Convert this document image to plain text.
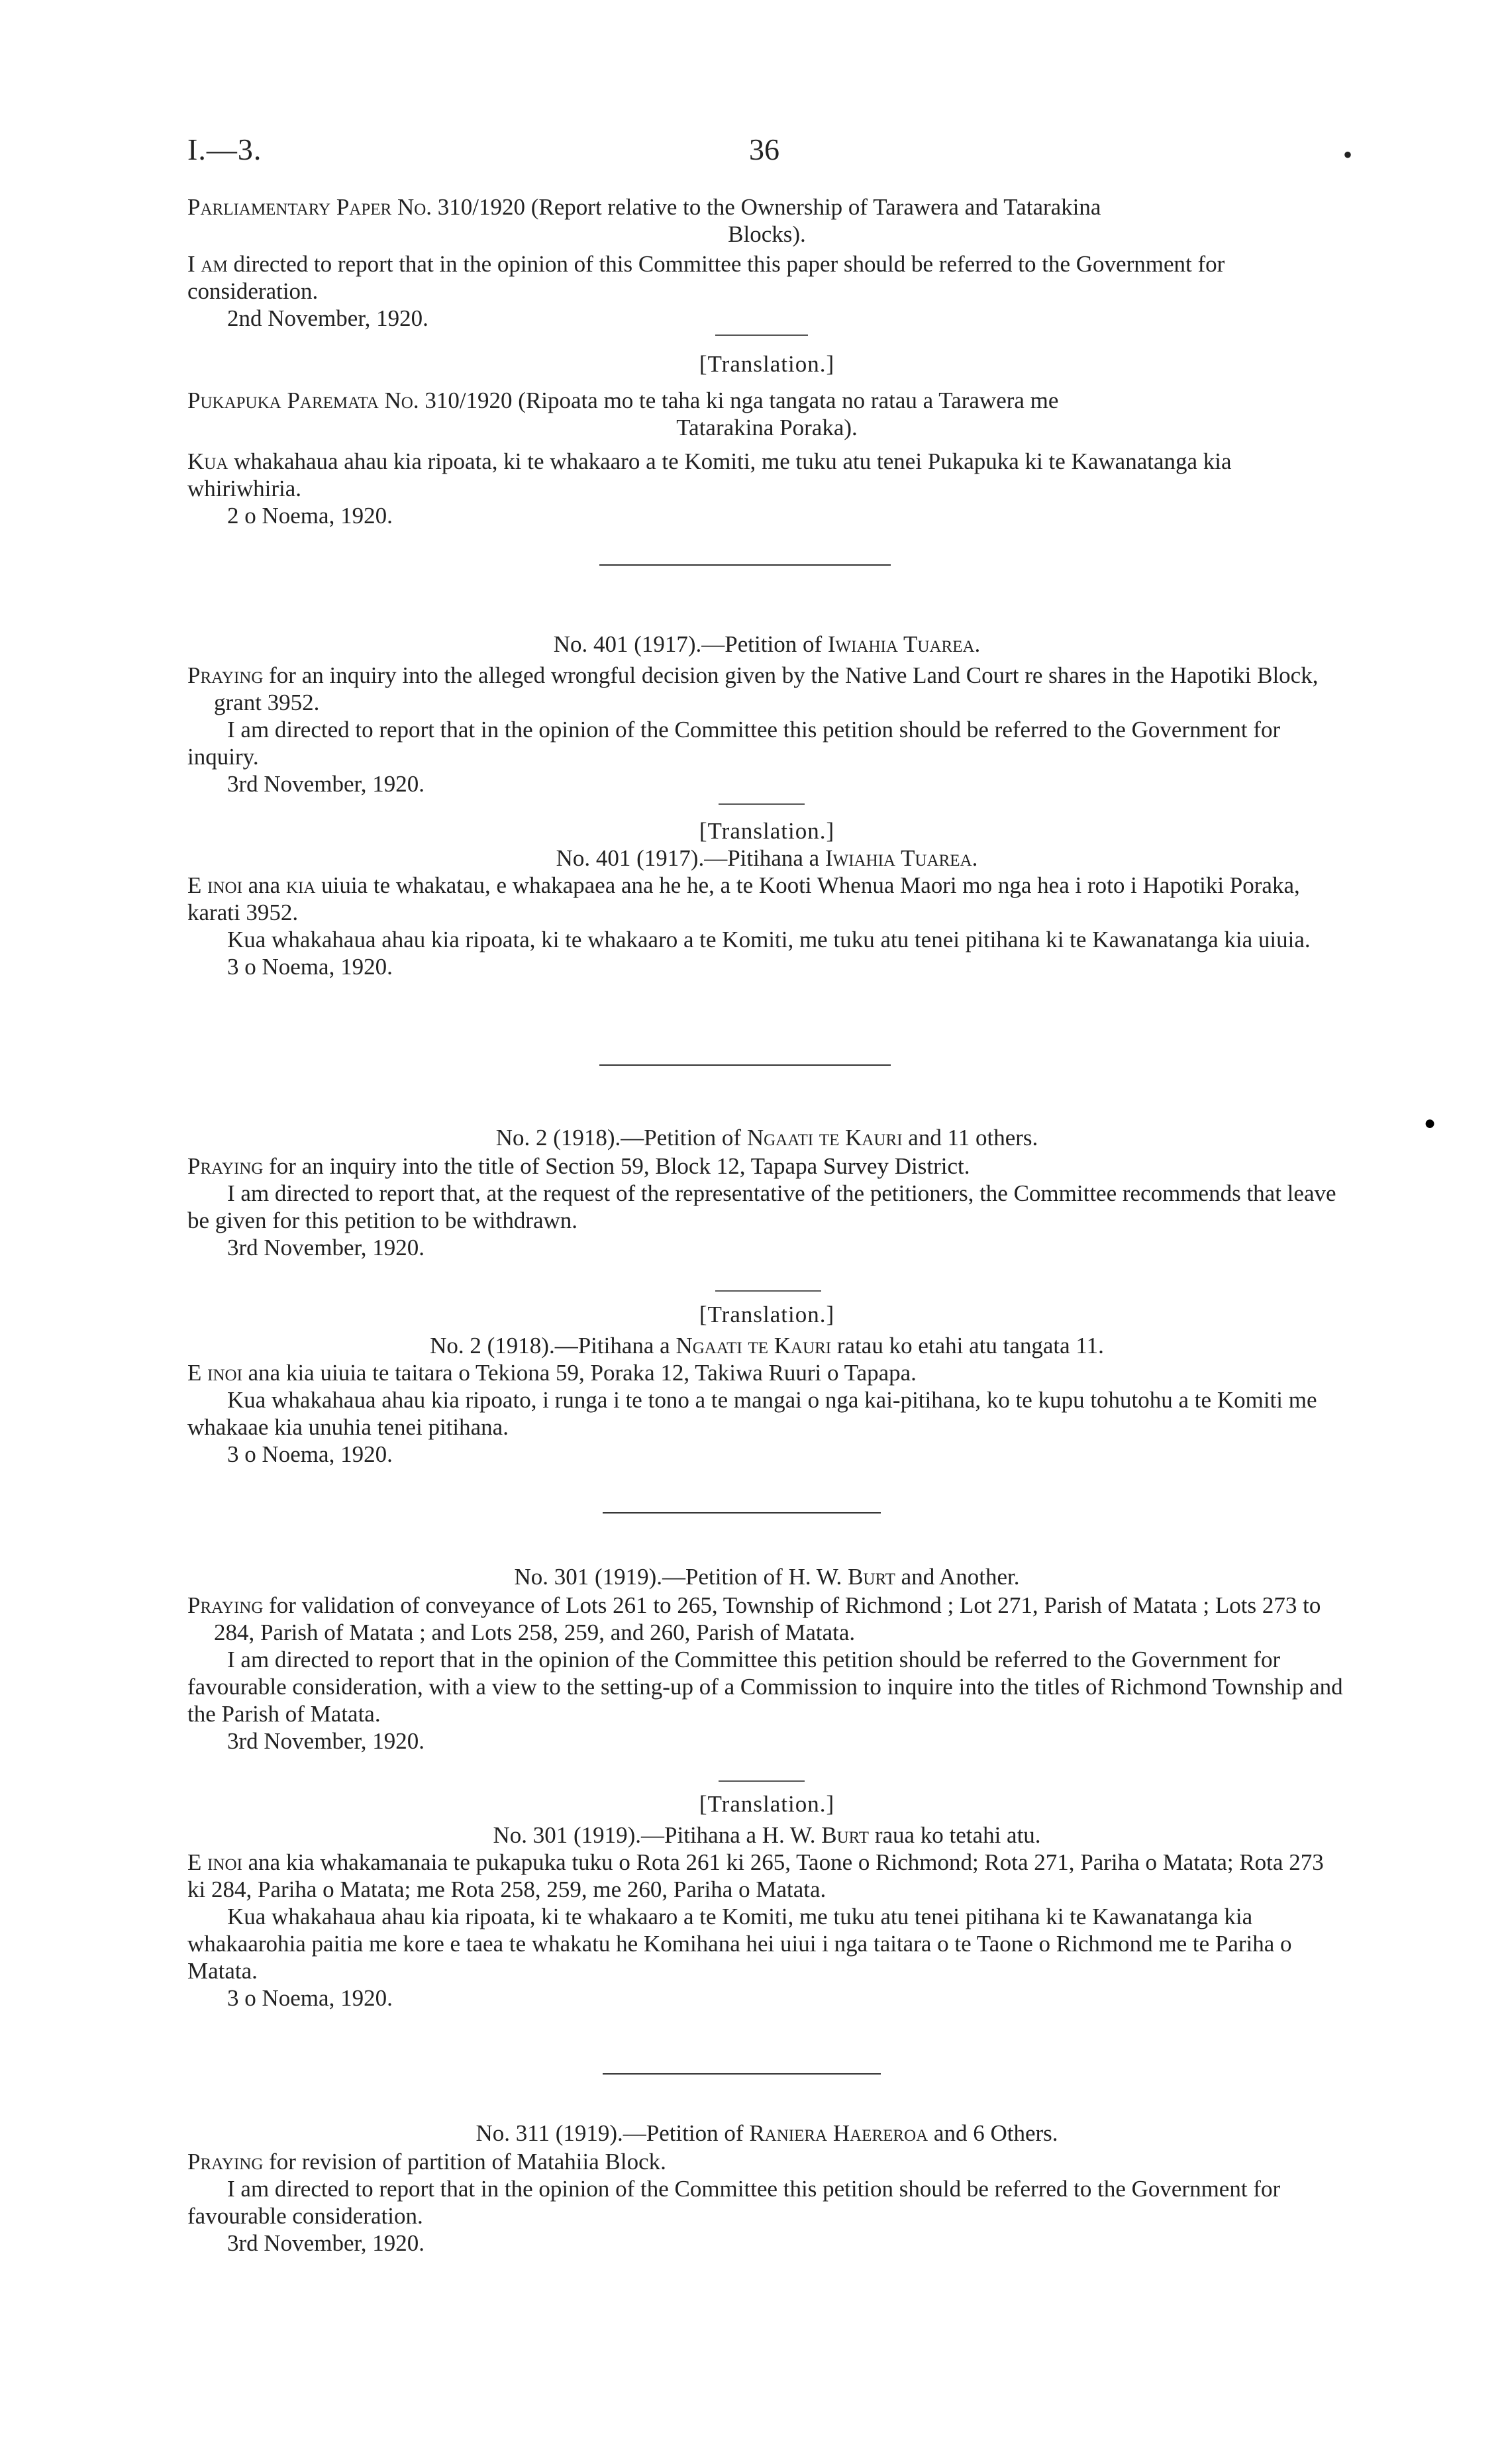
I.—3.	36	•

Parliamentary Paper No. 310/1920 (Report relative to the Ownership of Tarawera and Tatarakina
Blocks).

I am directed to report that in the opinion of this Committee this paper should be referred to the Government for consideration.

2nd November, 1920.

[Translation.]

Pukapuka Paremata No. 310/1920 (Ripoata mo te taha ki nga tangata no ratau a Tarawera me
Tatarakina Poraka).

Kua whakahaua ahau kia ripoata, ki te whakaaro a te Komiti, me tuku atu tenei Pukapuka ki te Kawanatanga kia whiriwhiria.

2 o Noema, 1920.

No. 401 (1917).—Petition of Iwiahia Tuarea.

Praying for an inquiry into the alleged wrongful decision given by the Native Land Court re shares in the Hapotiki Block, grant 3952.

I am directed to report that in the opinion of the Committee this petition should be referred to the Government for inquiry.

3rd November, 1920.

[Translation.]

No. 401 (1917).—Pitihana a Iwiahia Tuarea.

E inoi ana kia uiuia te whakatau, e whakapaea ana he he, a te Kooti Whenua Maori mo nga hea i roto i Hapotiki Poraka, karati 3952.

Kua whakahaua ahau kia ripoata, ki te whakaaro a te Komiti, me tuku atu tenei pitihana ki te Kawanatanga kia uiuia.

3 o Noema, 1920.

No. 2 (1918).—Petition of Ngaati te Kauri and 11 others.

Praying for an inquiry into the title of Section 59, Block 12, Tapapa Survey District.

I am directed to report that, at the request of the representative of the petitioners, the Committee recommends that leave be given for this petition to be withdrawn.

3rd November, 1920.

[Translation.]

No. 2 (1918).—Pitihana a Ngaati te Kauri ratau ko etahi atu tangata 11.

E inoi ana kia uiuia te taitara o Tekiona 59, Poraka 12, Takiwa Ruuri o Tapapa.

Kua whakahaua ahau kia ripoato, i runga i te tono a te mangai o nga kai-pitihana, ko te kupu tohutohu a te Komiti me whakaae kia unuhia tenei pitihana.

3 o Noema, 1920.

●

No. 301 (1919).—Petition of H. W. Burt and Another.

Praying for validation of conveyance of Lots 261 to 265, Township of Richmond ; Lot 271, Parish of Matata ; Lots 273 to 284, Parish of Matata ; and Lots 258, 259, and 260, Parish of Matata.

I am directed to report that in the opinion of the Committee this petition should be referred to the Government for favourable consideration, with a view to the setting-up of a Commission to inquire into the titles of Richmond Township and the Parish of Matata.

3rd November, 1920.

[Translation.]

No. 301 (1919).—Pitihana a H. W. Burt raua ko tetahi atu.

E inoi ana kia whakamanaia te pukapuka tuku o Rota 261 ki 265, Taone o Richmond; Rota 271, Pariha o Matata; Rota 273 ki 284, Pariha o Matata; me Rota 258, 259, me 260, Pariha o Matata.

Kua whakahaua ahau kia ripoata, ki te whakaaro a te Komiti, me tuku atu tenei pitihana ki te Kawanatanga kia whakaarohia paitia me kore e taea te whakatu he Komihana hei uiui i nga taitara o te Taone o Richmond me te Pariha o Matata.

3 o Noema, 1920.

No. 311 (1919).—Petition of Raniera Haereroa and 6 Others.

Praying for revision of partition of Matahiia Block.

I am directed to report that in the opinion of the Committee this petition should be referred to the Government for favourable consideration.

3rd November, 1920.
